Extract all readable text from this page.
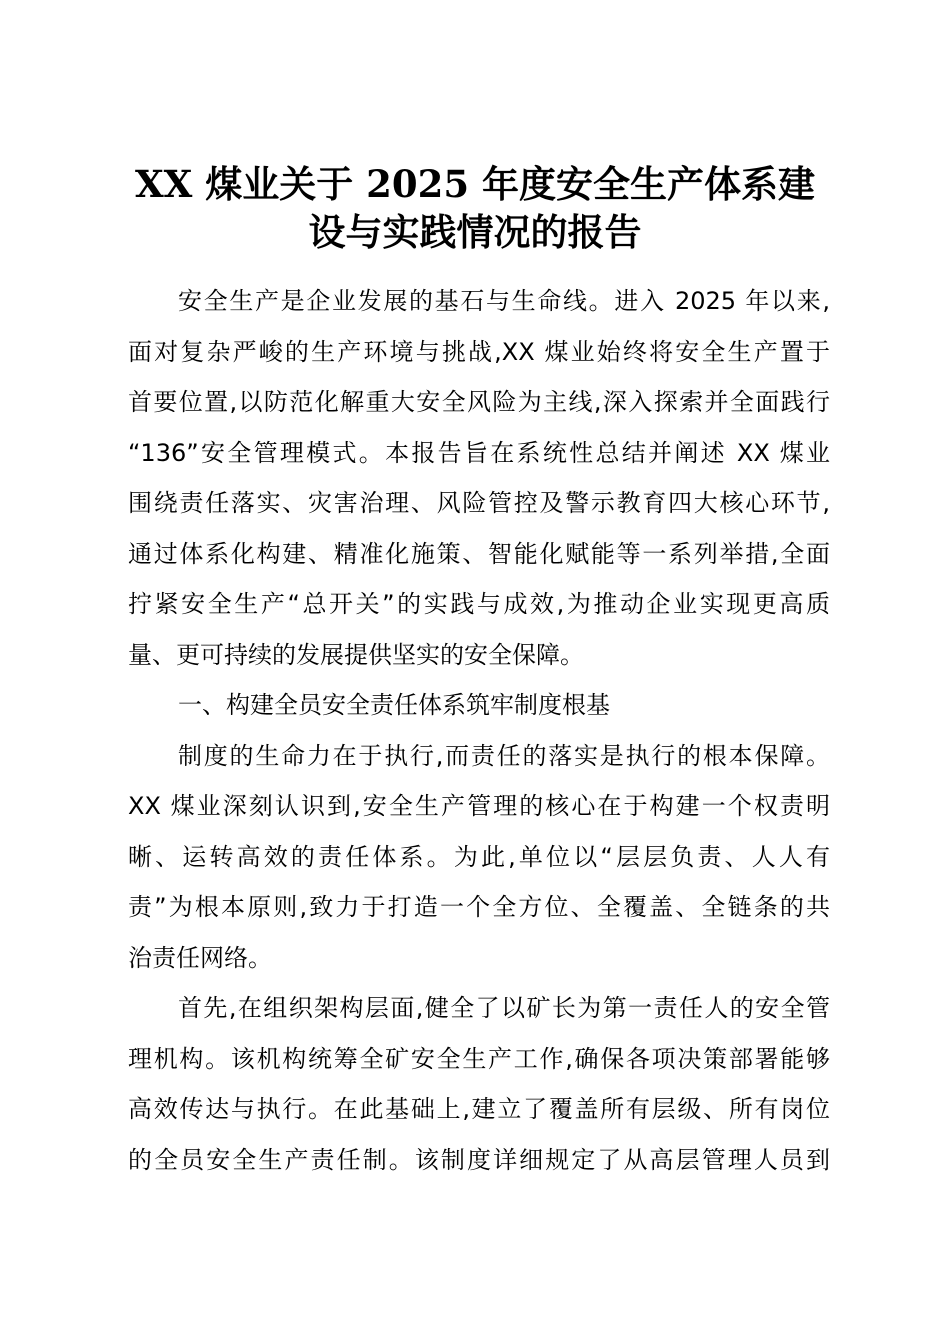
XX 煤业关于 2025 年度安全生产体系建
设与实践情况的报告
安全生产是企业发展的基石与生命线。进入 2025 年以来,
面对复杂严峻的生产环境与挑战,XX 煤业始终将安全生产置于
首要位置,以防范化解重大安全风险为主线,深入探索并全面践行
“136”安全管理模式。本报告旨在系统性总结并阐述 XX 煤业
围绕责任落实、灾害治理、风险管控及警示教育四大核心环节,
通过体系化构建、精准化施策、智能化赋能等一系列举措,全面
拧紧安全生产“总开关”的实践与成效,为推动企业实现更高质
量、更可持续的发展提供坚实的安全保障。
一、构建全员安全责任体系筑牢制度根基
制度的生命力在于执行,而责任的落实是执行的根本保障。
XX 煤业深刻认识到,安全生产管理的核心在于构建一个权责明
晰、运转高效的责任体系。为此,单位以“层层负责、人人有
责”为根本原则,致力于打造一个全方位、全覆盖、全链条的共
治责任网络。
首先,在组织架构层面,健全了以矿长为第一责任人的安全管
理机构。该机构统筹全矿安全生产工作,确保各项决策部署能够
高效传达与执行。在此基础上,建立了覆盖所有层级、所有岗位
的全员安全生产责任制。该制度详细规定了从高层管理人员到
